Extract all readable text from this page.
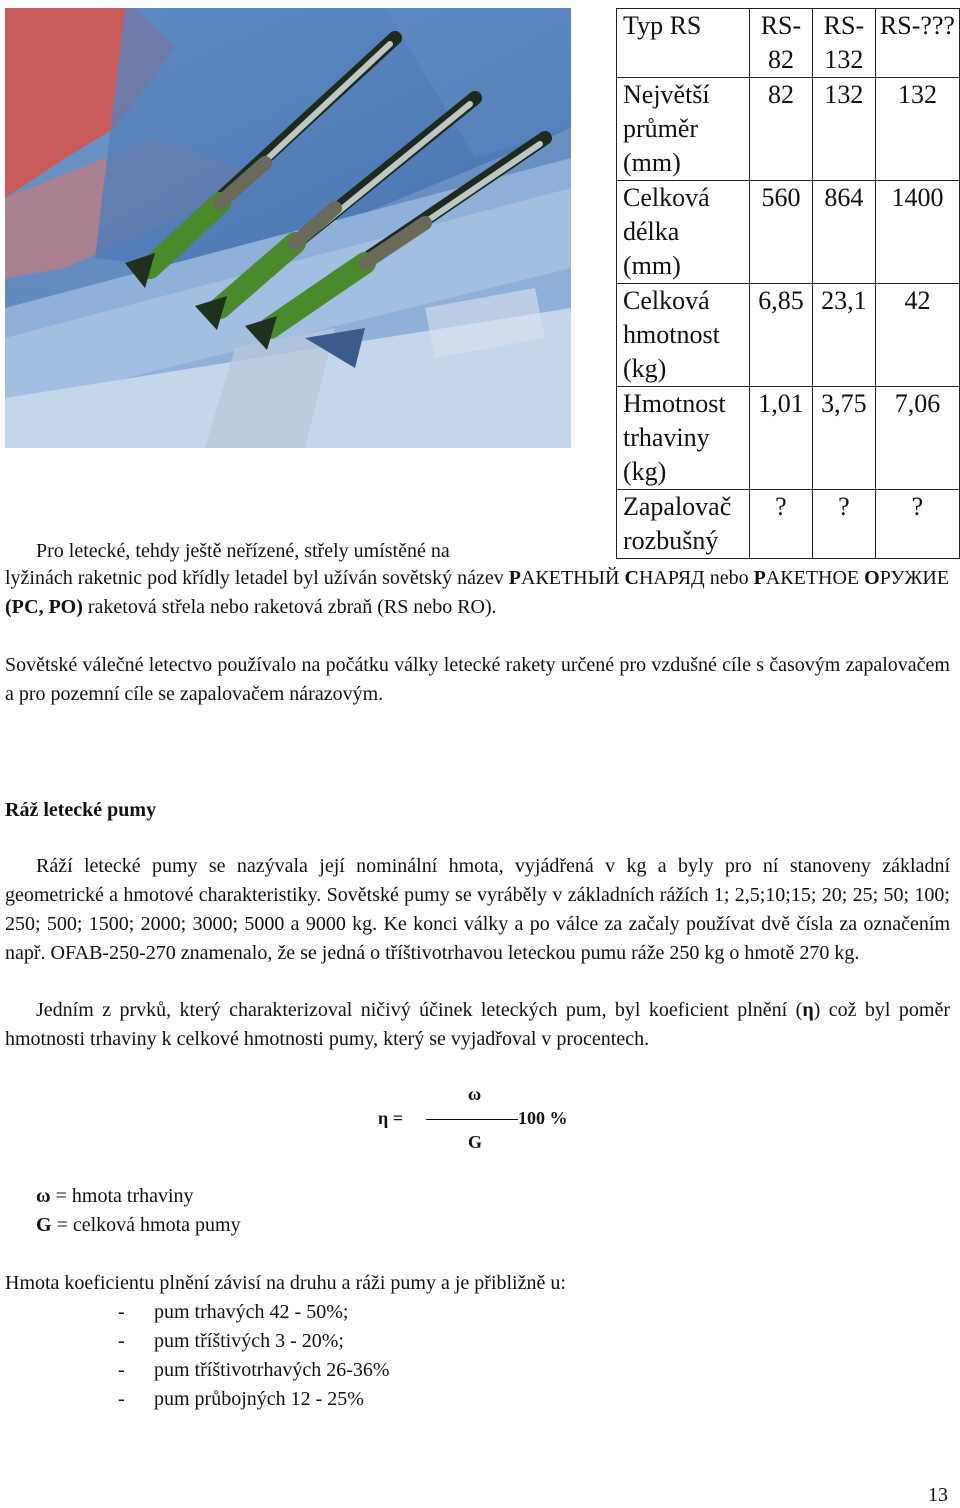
Typ RS	RS-82	RS-132	RS-???
Největší průměr (mm)	82	132	132
Celková délka (mm)	560	864	1400
Celková hmotnost (kg)	6,85	23,1	42
Hmotnost trhaviny (kg)	1,01	3,75	7,06
Zapalovač rozbušný	?	?	?
Pro letecké, tehdy ještě neřízené, střely umístěné na
lyžinách raketnic pod křídly letadel byl užíván sovětský název РАКЕТНЫЙ СНАРЯД nebo РАКЕТНОЕ ОРУЖИЕ (РС, РО) raketová střela nebo raketová zbraň (RS nebo RO).
Sovětské válečné letectvo používalo na počátku války letecké rakety určené pro vzdušné cíle s časovým zapalovačem a pro pozemní cíle se zapalovačem nárazovým.
Ráž letecké pumy
Ráží letecké pumy se nazývala její nominální hmota, vyjádřená v kg a byly pro ní stanoveny základní geometrické a hmotové charakteristiky. Sovětské pumy se vyráběly v základních rážích 1; 2,5;10;15; 20; 25; 50; 100; 250; 500; 1500; 2000; 3000; 5000 a 9000 kg. Ke konci války a po válce za začaly používat dvě čísla za označením např. OFAB-250-270 znamenalo, že se jedná o tříštivotrhavou leteckou pumu ráže 250 kg o hmotě 270 kg.
Jedním z prvků, který charakterizoval ničivý účinek leteckých pum, byl koeficient plnění (η) což byl poměr hmotnosti trhaviny k celkové hmotnosti pumy, který se vyjadřoval v procentech.
η =
ω
100 %
G
ω = hmota trhaviny
G = celková hmota pumy
Hmota koeficientu plnění závisí na druhu a ráži pumy a je přibližně u:
- pum trhavých 42 - 50%;
- pum tříštivých 3 - 20%;
- pum tříštivotrhavých 26-36%
- pum průbojných 12 - 25%
13
